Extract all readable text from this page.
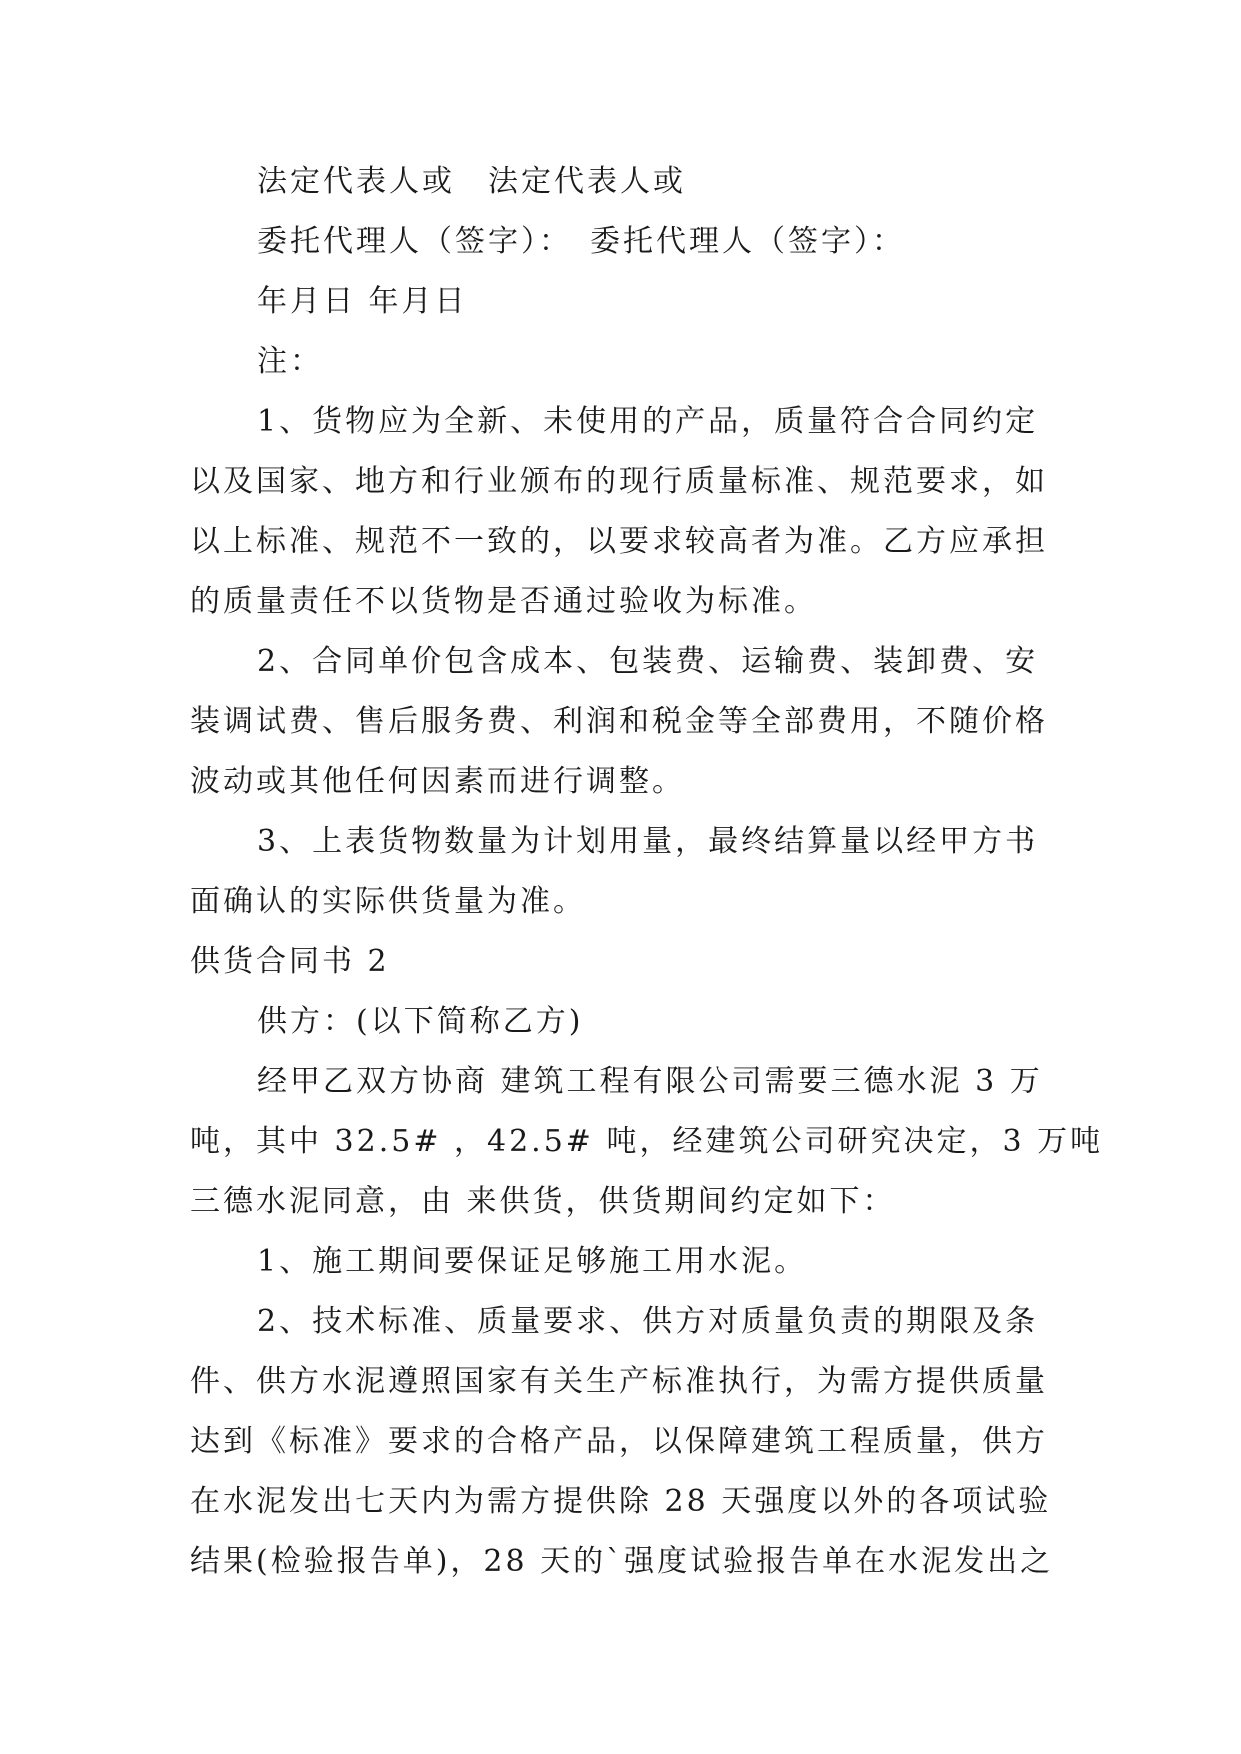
法定代表人或　法定代表人或
委托代理人（签字）：　委托代理人（签字）：
年月日 年月日
注：
1、货物应为全新、未使用的产品，质量符合合同约定
以及国家、地方和行业颁布的现行质量标准、规范要求，如
以上标准、规范不一致的，以要求较高者为准。乙方应承担
的质量责任不以货物是否通过验收为标准。
2、合同单价包含成本、包装费、运输费、装卸费、安
装调试费、售后服务费、利润和税金等全部费用，不随价格
波动或其他任何因素而进行调整。
3、上表货物数量为计划用量，最终结算量以经甲方书
面确认的实际供货量为准。
供货合同书 2
供方：(以下简称乙方)
经甲乙双方协商 建筑工程有限公司需要三德水泥 3 万
吨，其中 32.5# ，42.5# 吨，经建筑公司研究决定，3 万吨
三德水泥同意，由 来供货，供货期间约定如下：
1、施工期间要保证足够施工用水泥。
2、技术标准、质量要求、供方对质量负责的期限及条
件、供方水泥遵照国家有关生产标准执行，为需方提供质量
达到《标准》要求的合格产品，以保障建筑工程质量，供方
在水泥发出七天内为需方提供除 28 天强度以外的各项试验
结果(检验报告单)，28 天的`强度试验报告单在水泥发出之
